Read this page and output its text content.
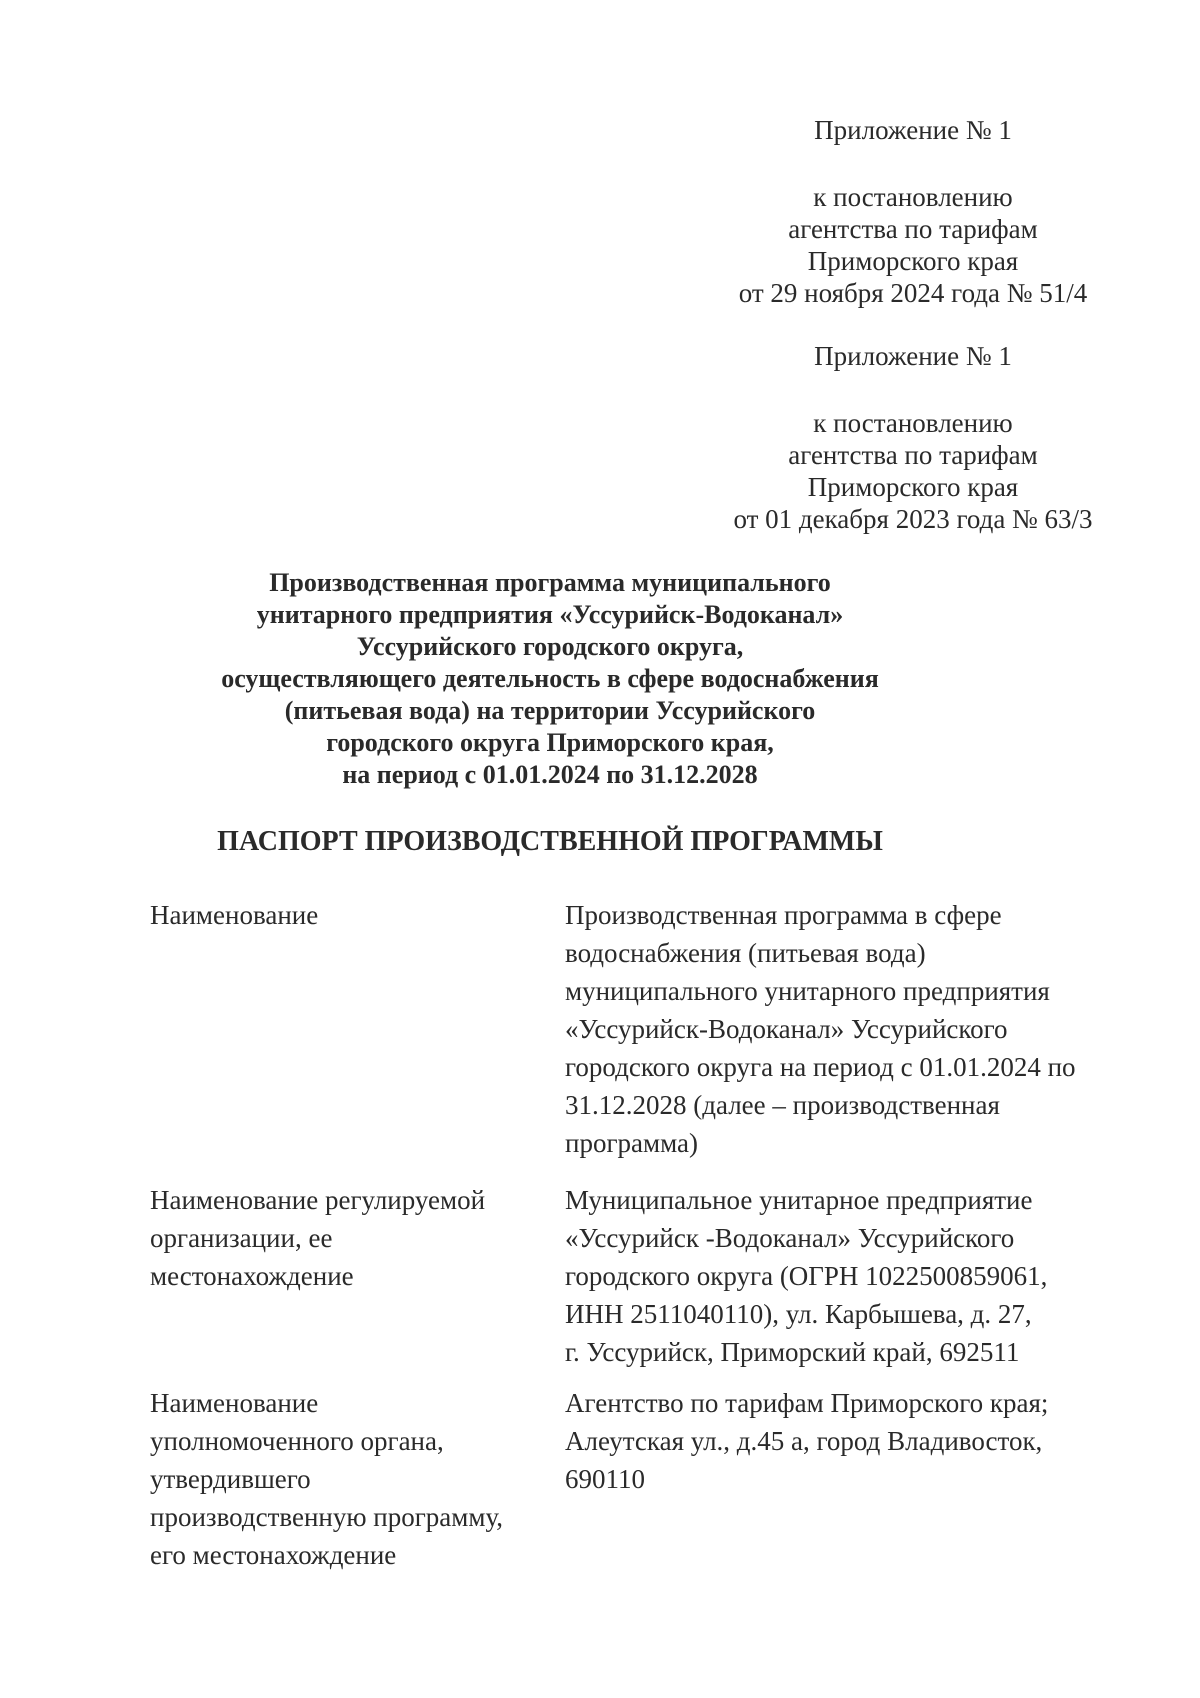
Приложение № 1
к постановлению
агентства по тарифам
Приморского края
от 29 ноября 2024 года № 51/4
Приложение № 1
к постановлению
агентства по тарифам
Приморского края
от 01 декабря 2023 года № 63/3
Производственная программа муниципального
унитарного предприятия «Уссурийск-Водоканал»
Уссурийского городского округа,
осуществляющего деятельность в сфере водоснабжения
(питьевая вода) на территории Уссурийского
городского округа Приморского края,
на период с 01.01.2024 по 31.12.2028
ПАСПОРТ ПРОИЗВОДСТВЕННОЙ ПРОГРАММЫ
Наименование	Производственная программа в сфере
водоснабжения (питьевая вода)
муниципального унитарного предприятия
«Уссурийск-Водоканал» Уссурийского
городского округа на период с 01.01.2024 по
31.12.2028 (далее – производственная
программа)
Наименование регулируемой
организации, ее
местонахождение
Муниципальное унитарное предприятие
«Уссурийск -Водоканал» Уссурийского
городского округа (ОГРН 1022500859061,
ИНН 2511040110), ул. Карбышева, д. 27,
г. Уссурийск, Приморский край, 692511
Наименование
уполномоченного органа,
утвердившего
производственную программу,
его местонахождение
Агентство по тарифам Приморского края;
Алеутская ул., д.45 а, город Владивосток,
690110
